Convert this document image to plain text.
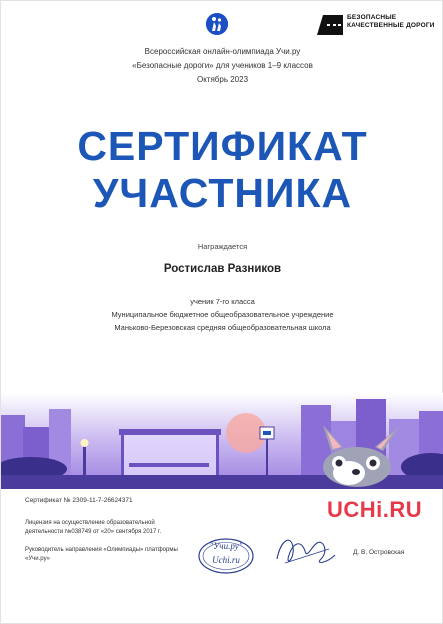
БЕЗОПАСНЫЕ КАЧЕСТВЕННЫЕ ДОРОГИ
Всероссийская онлайн-олимпиада Учи.ру
«Безопасные дороги» для учеников 1–9 классов
Октябрь 2023
СЕРТИФИКАТ
УЧАСТНИКА
Награждается
Ростислав Разников
ученик 7-го класса
Муниципальное бюджетное общеобразовательное учреждение
Маньково-Березовская средняя общеобразовательная школа
Сертификат № 2309-11-7-26624371
Лицензия на осуществление образовательной деятельности №038749 от «20» сентября 2017 г.
Руководитель направления «Олимпиады» платформы «Учи.ру»
"Учи.ру"
Uchi.ru
Д. В. Островская
UCHi.RU
